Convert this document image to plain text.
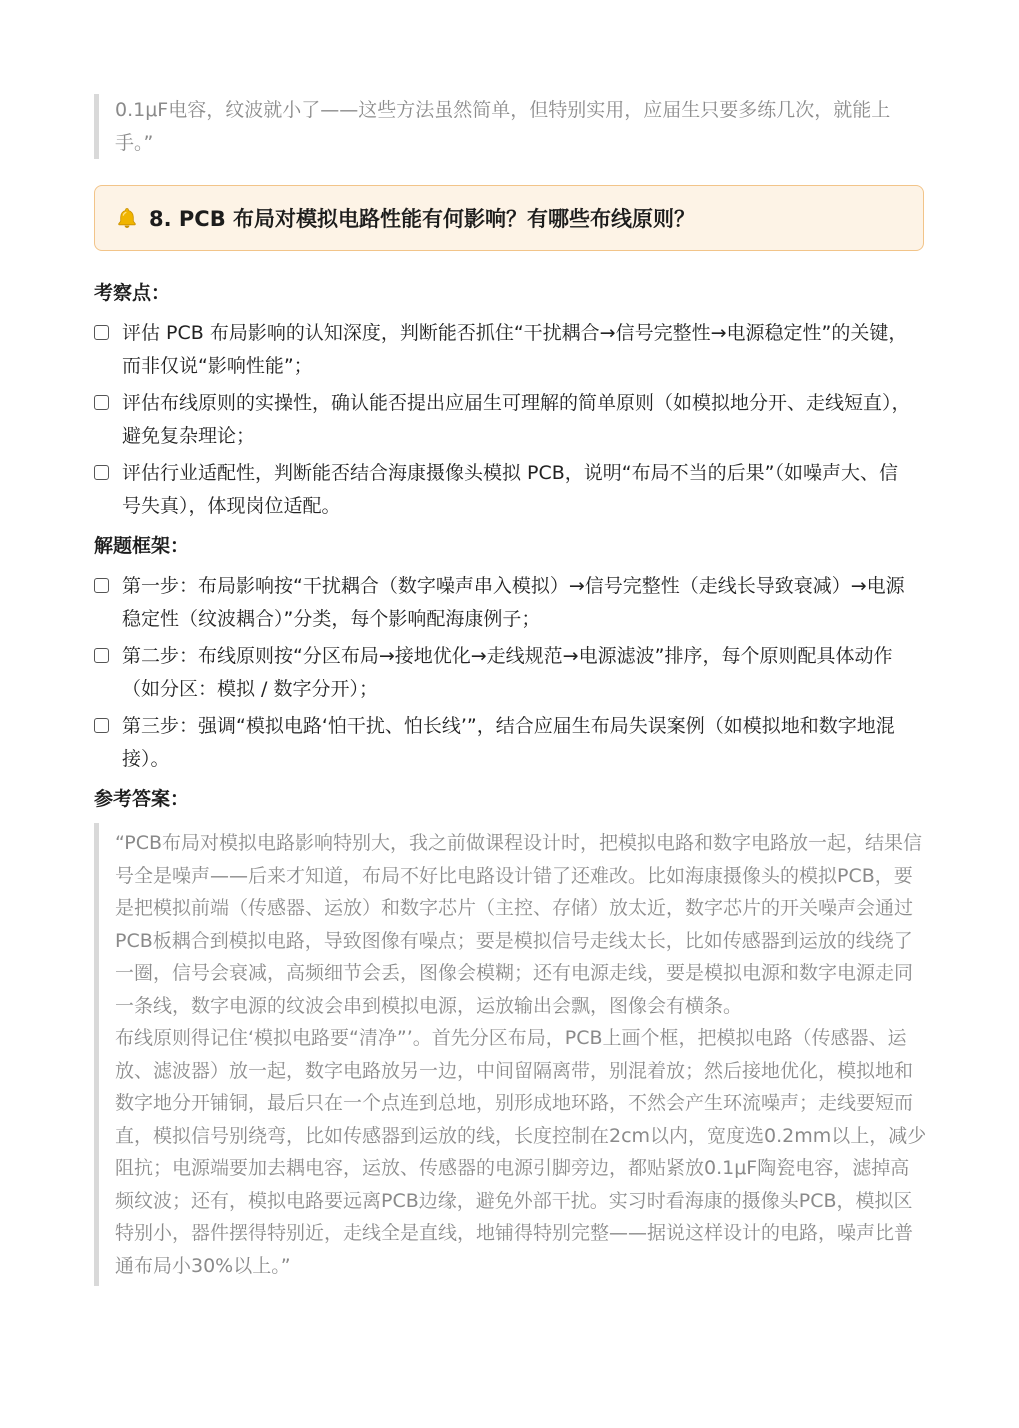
0.1μF电容，纹波就小了——这些方法虽然简单，但特别实用，应届生只要多练几次，就能上手。”

8. PCB 布局对模拟电路性能有何影响？有哪些布线原则？
考察点：
评估 PCB 布局影响的认知深度，判断能否抓住“干扰耦合→信号完整性→电源稳定性”的关键，而非仅说“影响性能”；
评估布线原则的实操性，确认能否提出应届生可理解的简单原则（如模拟地分开、走线短直），避免复杂理论；
评估行业适配性，判断能否结合海康摄像头模拟 PCB，说明“布局不当的后果”（如噪声大、信号失真），体现岗位适配。
解题框架：
第一步：布局影响按“干扰耦合（数字噪声串入模拟）→信号完整性（走线长导致衰减）→电源稳定性（纹波耦合）”分类，每个影响配海康例子；
第二步：布线原则按“分区布局→接地优化→走线规范→电源滤波”排序，每个原则配具体动作（如分区：模拟 / 数字分开）；
第三步：强调“模拟电路‘怕干扰、怕长线’”，结合应届生布局失误案例（如模拟地和数字地混接）。
参考答案：

“PCB布局对模拟电路影响特别大，我之前做课程设计时，把模拟电路和数字电路放一起，结果信号全是噪声——后来才知道，布局不好比电路设计错了还难改。比如海康摄像头的模拟PCB，要是把模拟前端（传感器、运放）和数字芯片（主控、存储）放太近，数字芯片的开关噪声会通过PCB板耦合到模拟电路，导致图像有噪点；要是模拟信号走线太长，比如传感器到运放的线绕了一圈，信号会衰减，高频细节会丢，图像会模糊；还有电源走线，要是模拟电源和数字电源走同一条线，数字电源的纹波会串到模拟电源，运放输出会飘，图像会有横条。

布线原则得记住‘模拟电路要“清净”’。首先分区布局，PCB上画个框，把模拟电路（传感器、运放、滤波器）放一起，数字电路放另一边，中间留隔离带，别混着放；然后接地优化，模拟地和数字地分开铺铜，最后只在一个点连到总地，别形成地环路，不然会产生环流噪声；走线要短而直，模拟信号别绕弯，比如传感器到运放的线，长度控制在2cm以内，宽度选0.2mm以上，减少阻抗；电源端要加去耦电容，运放、传感器的电源引脚旁边，都贴紧放0.1μF陶瓷电容，滤掉高频纹波；还有，模拟电路要远离PCB边缘，避免外部干扰。实习时看海康的摄像头PCB，模拟区特别小，器件摆得特别近，走线全是直线，地铺得特别完整——据说这样设计的电路，噪声比普通布局小30%以上。”
